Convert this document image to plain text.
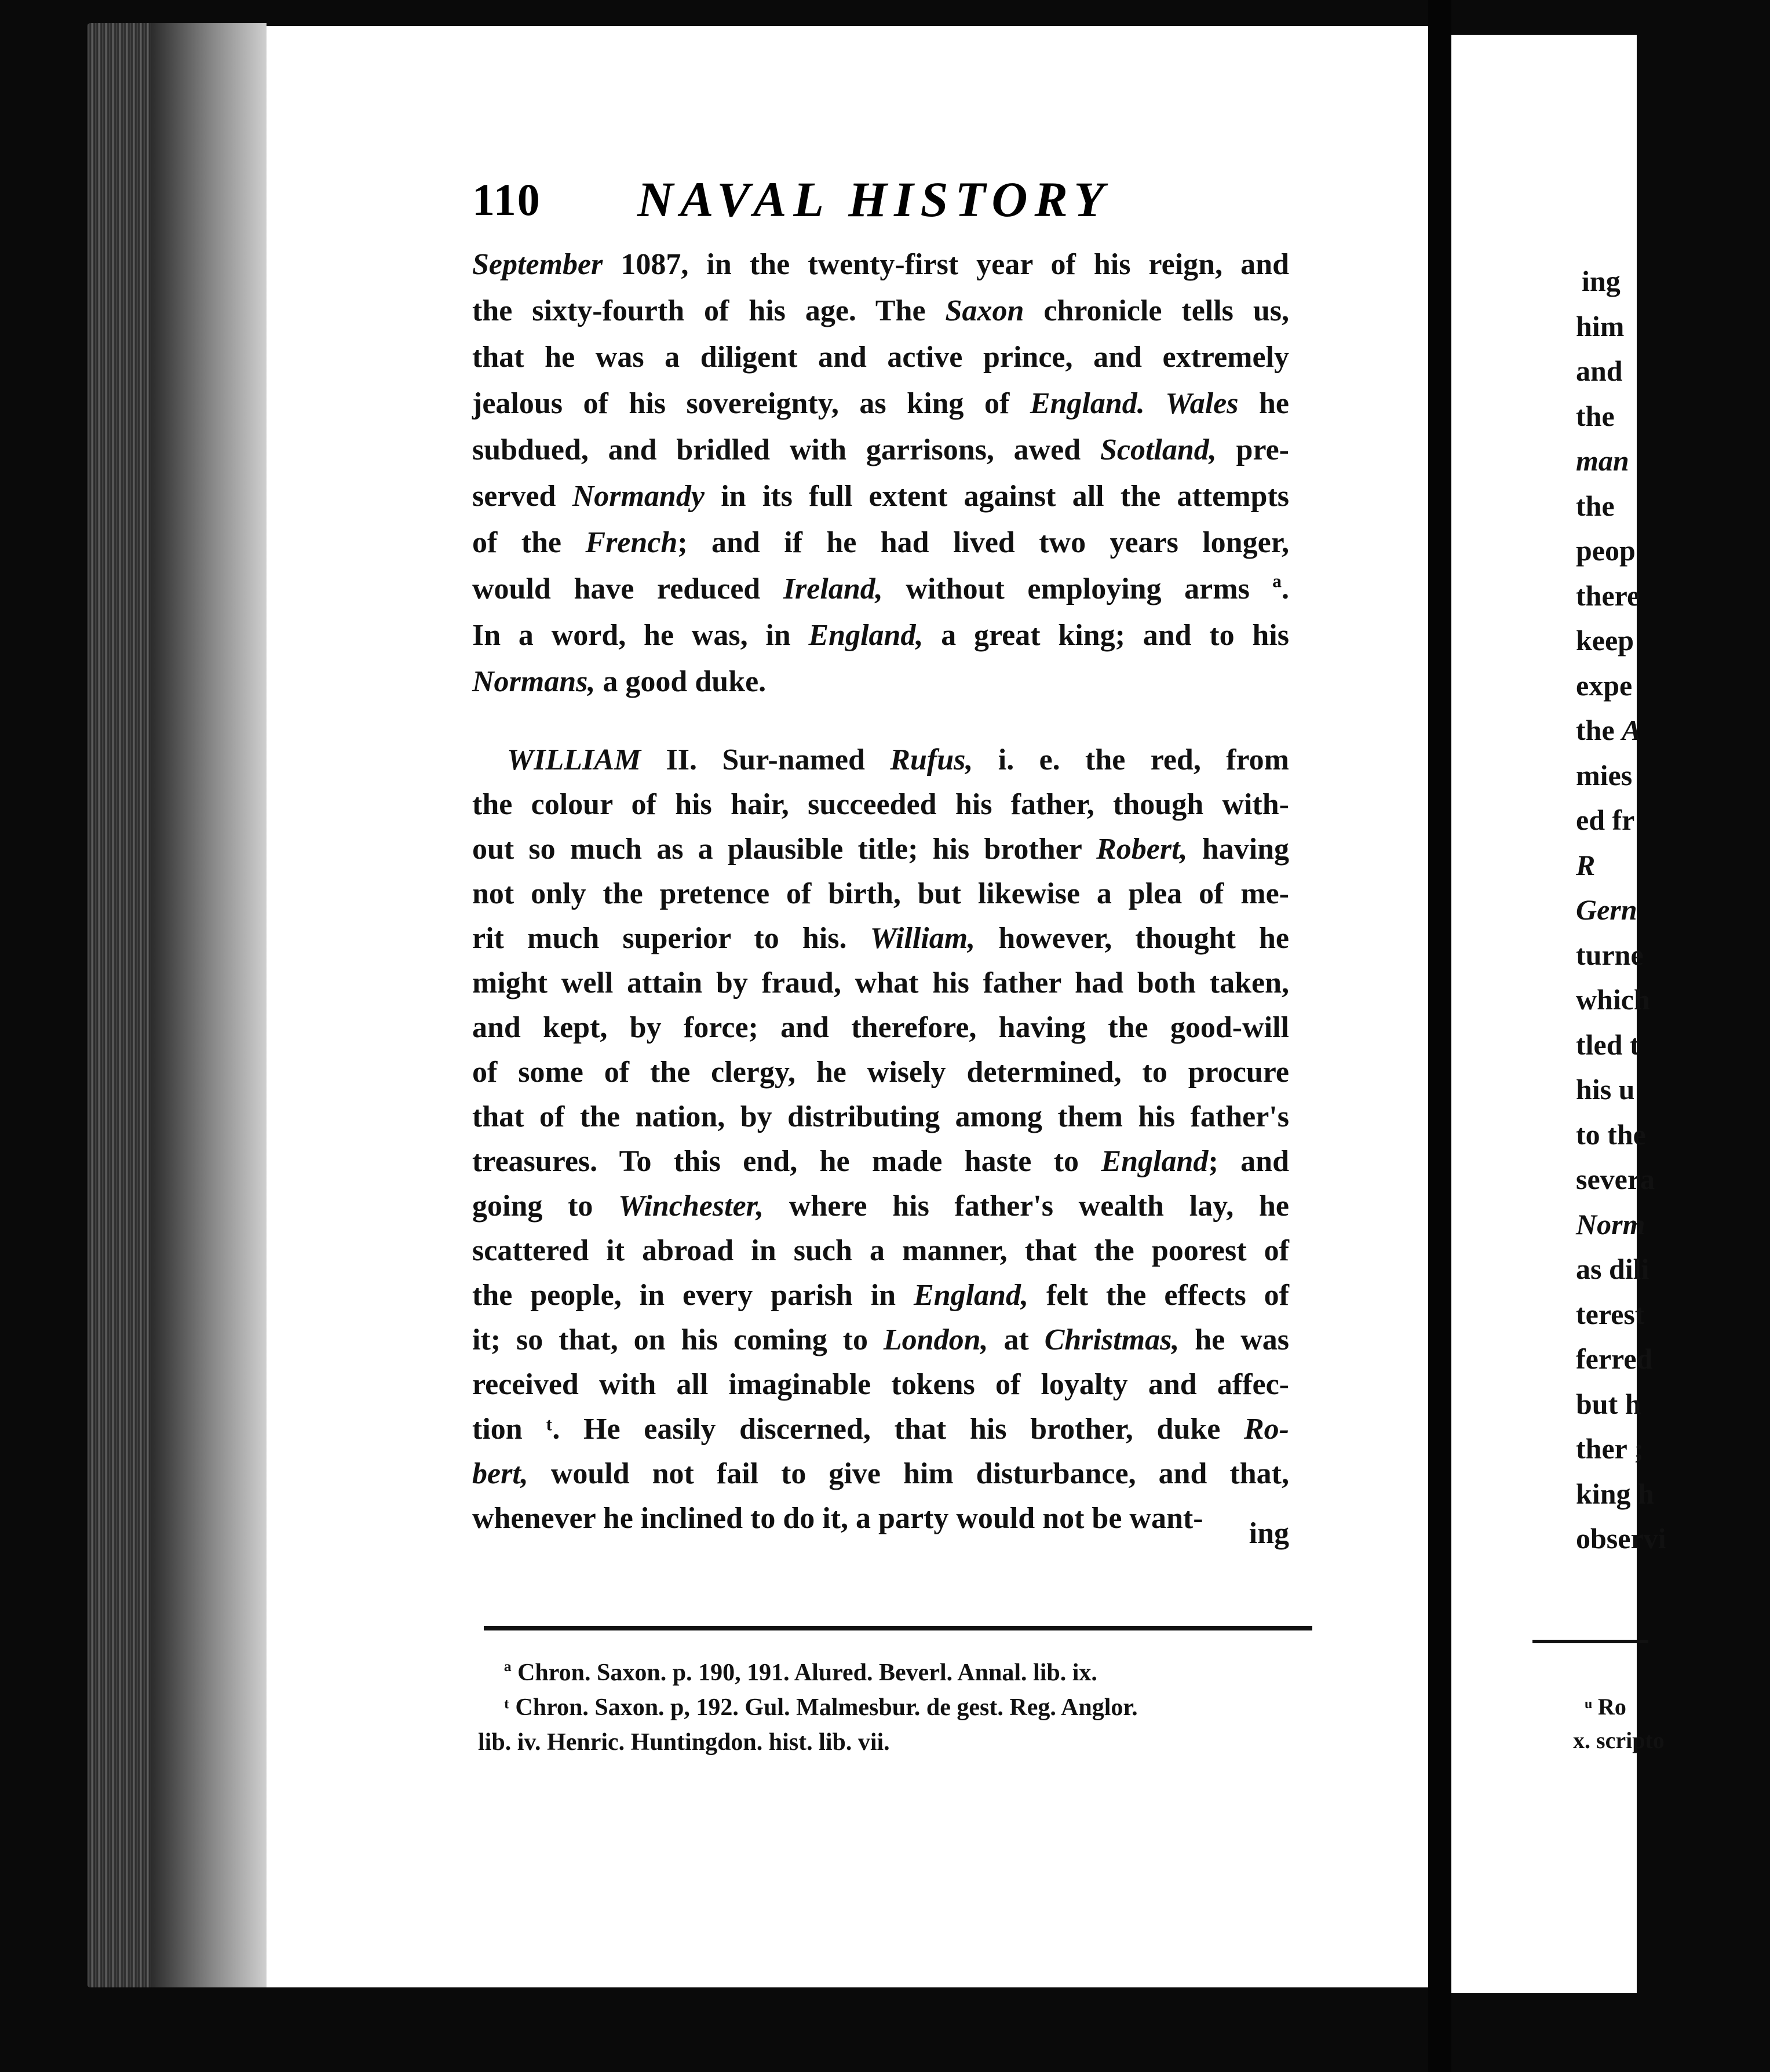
ing
him
and
the
man
the
peop
there
keep
expe
the A
mies
ed fr
R
Gern
turne
which
tled t
his u
to the
severa
Norm
as dili
terest
ferred
but h
ther ;
king h
observi
ᵘ Ro
x. scripto
110 NAVAL HISTORY
September 1087, in the twenty-first year of his reign, and
the sixty-fourth of his age. The Saxon chronicle tells us,
that he was a diligent and active prince, and extremely
jealous of his sovereignty, as king of England. Wales he
subdued, and bridled with garrisons, awed Scotland, pre-
served Normandy in its full extent against all the attempts
of the French; and if he had lived two years longer,
would have reduced Ireland, without employing arms ª.
In a word, he was, in England, a great king; and to his
Normans, a good duke.
WILLIAM II. Sur-named Rufus, i. e. the red, from
the colour of his hair, succeeded his father, though with-
out so much as a plausible title; his brother Robert, having
not only the pretence of birth, but likewise a plea of me-
rit much superior to his. William, however, thought he
might well attain by fraud, what his father had both taken,
and kept, by force; and therefore, having the good-will
of some of the clergy, he wisely determined, to procure
that of the nation, by distributing among them his father's
treasures. To this end, he made haste to England; and
going to Winchester, where his father's wealth lay, he
scattered it abroad in such a manner, that the poorest of
the people, in every parish in England, felt the effects of
it; so that, on his coming to London, at Christmas, he was
received with all imaginable tokens of loyalty and affec-
tion ᵗ. He easily discerned, that his brother, duke Ro-
bert, would not fail to give him disturbance, and that,
whenever he inclined to do it, a party would not be want-	ing
ª Chron. Saxon. p. 190, 191. Alured. Beverl. Annal. lib. ix.
ᵗ Chron. Saxon. p, 192. Gul. Malmesbur. de gest. Reg. Anglor.
lib. iv. Henric. Huntingdon. hist. lib. vii.
